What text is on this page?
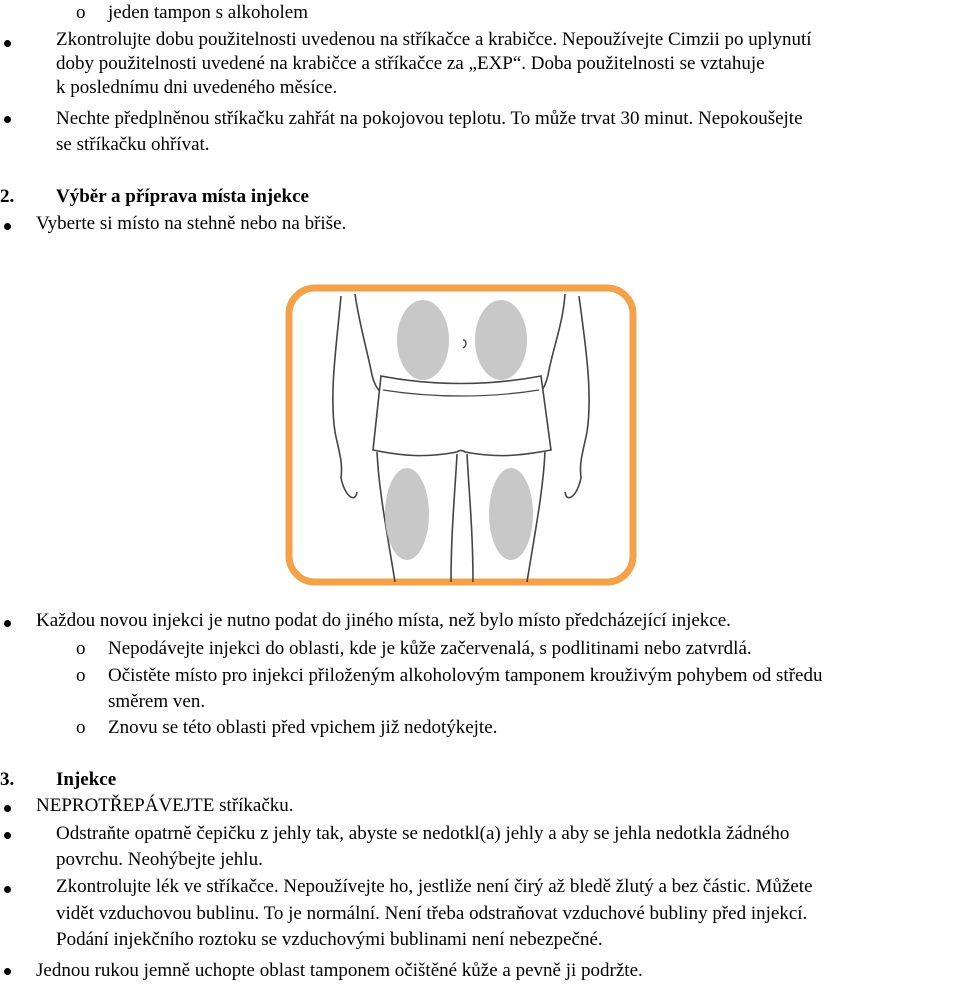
o jeden tampon s alkoholem
Zkontrolujte dobu použitelnosti uvedenou na stříkačce a krabičce. Nepoužívejte Cimzii po uplynutí
doby použitelnosti uvedené na krabičce a stříkačce za „EXP“. Doba použitelnosti se vztahuje
k poslednímu dni uvedeného měsíce.
Nechte předplněnou stříkačku zahřát na pokojovou teplotu. To může trvat 30 minut. Nepokoušejte
se stříkačku ohřívat.
2. Výběr a příprava místa injekce
Vyberte si místo na stehně nebo na břiše.
Každou novou injekci je nutno podat do jiného místa, než bylo místo předcházející injekce.
o Nepodávejte injekci do oblasti, kde je kůže začervenalá, s podlitinami nebo zatvrdlá.
o Očistěte místo pro injekci přiloženým alkoholovým tamponem krouživým pohybem od středu
směrem ven.
o Znovu se této oblasti před vpichem již nedotýkejte.
3. Injekce
NEPROTŘEPÁVEJTE stříkačku.
Odstraňte opatrně čepičku z jehly tak, abyste se nedotkl(a) jehly a aby se jehla nedotkla žádného
povrchu. Neohýbejte jehlu.
Zkontrolujte lék ve stříkačce. Nepoužívejte ho, jestliže není čirý až bledě žlutý a bez částic. Můžete
vidět vzduchovou bublinu. To je normální. Není třeba odstraňovat vzduchové bubliny před injekcí.
Podání injekčního roztoku se vzduchovými bublinami není nebezpečné.
Jednou rukou jemně uchopte oblast tamponem očištěné kůže a pevně ji podržte.
